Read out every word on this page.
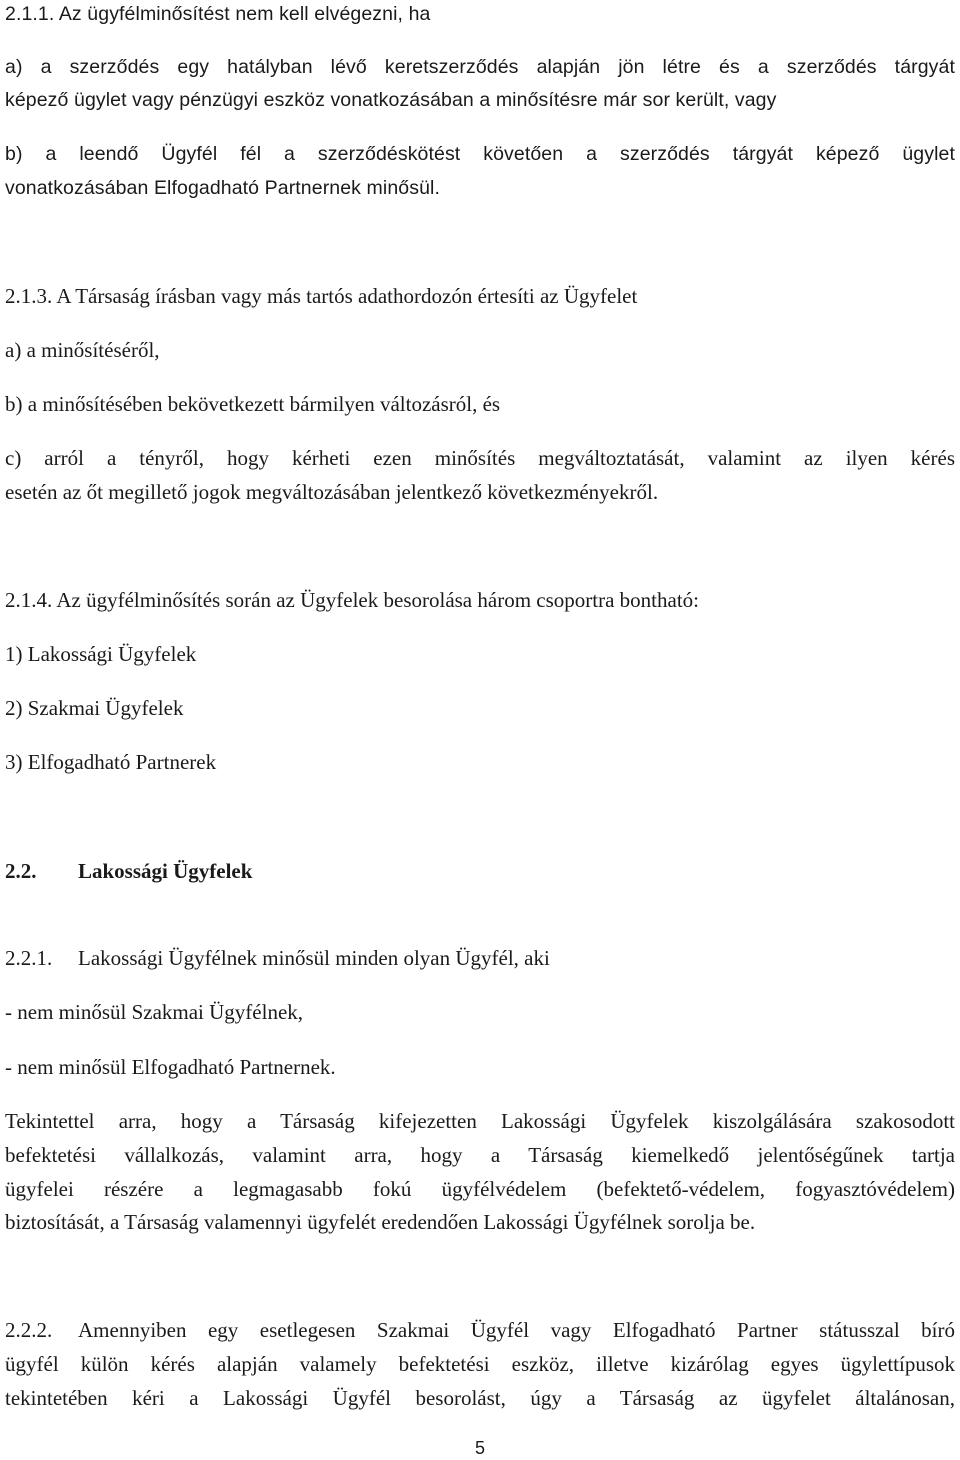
2.1.1. Az ügyfélminősítést nem kell elvégezni, ha
a) a szerződés egy hatályban lévő keretszerződés alapján jön létre és a szerződés tárgyát
képező ügylet vagy pénzügyi eszköz vonatkozásában a minősítésre már sor került, vagy
b) a leendő Ügyfél fél a szerződéskötést követően a szerződés tárgyát képező ügylet
vonatkozásában Elfogadható Partnernek minősül.
2.1.3. A Társaság írásban vagy más tartós adathordozón értesíti az Ügyfelet
a) a minősítéséről,
b) a minősítésében bekövetkezett bármilyen változásról, és
c) arról a tényről, hogy kérheti ezen minősítés megváltoztatását, valamint az ilyen kérés
esetén az őt megillető jogok megváltozásában jelentkező következményekről.
2.1.4. Az ügyfélminősítés során az Ügyfelek besorolása három csoportra bontható:
1) Lakossági Ügyfelek
2) Szakmai Ügyfelek
3) Elfogadható Partnerek
2.2. Lakossági Ügyfelek
2.2.1. Lakossági Ügyfélnek minősül minden olyan Ügyfél, aki
- nem minősül Szakmai Ügyfélnek,
- nem minősül Elfogadható Partnernek.
Tekintettel arra, hogy a Társaság kifejezetten Lakossági Ügyfelek kiszolgálására szakosodott
befektetési vállalkozás, valamint arra, hogy a Társaság kiemelkedő jelentőségűnek tartja
ügyfelei részére a legmagasabb fokú ügyfélvédelem (befektető-védelem, fogyasztóvédelem)
biztosítását, a Társaság valamennyi ügyfelét eredendően Lakossági Ügyfélnek sorolja be.
2.2.2. Amennyiben egy esetlegesen Szakmai Ügyfél vagy Elfogadható Partner státusszal bíró
ügyfél külön kérés alapján valamely befektetési eszköz, illetve kizárólag egyes ügylettípusok
tekintetében kéri a Lakossági Ügyfél besorolást, úgy a Társaság az ügyfelet általánosan,
5
